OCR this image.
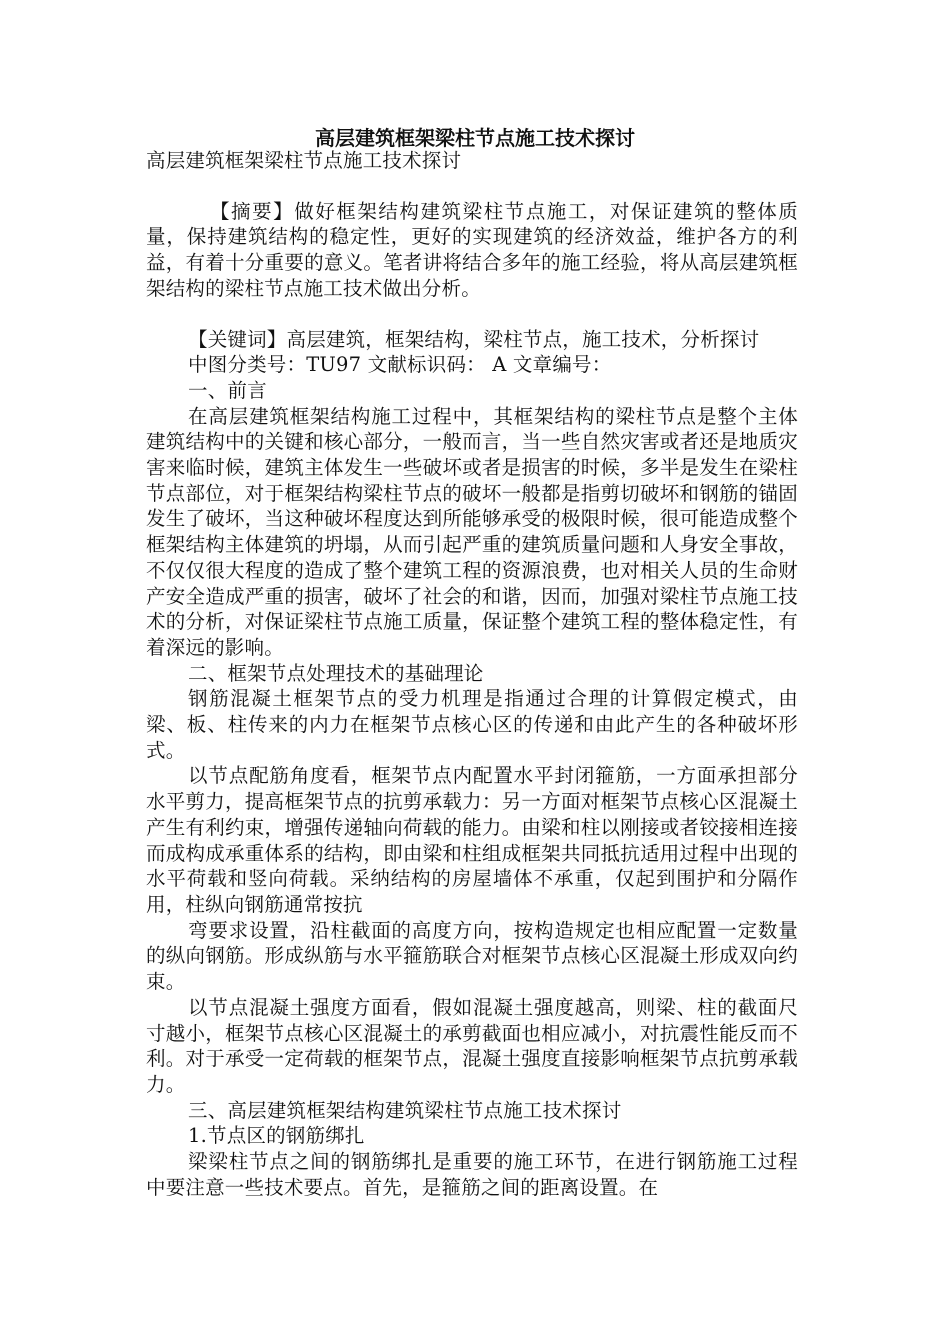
高层建筑框架梁柱节点施工技术探讨

高层建筑框架梁柱节点施工技术探讨

【摘要】做好框架结构建筑梁柱节点施工，对保证建筑的整体质量，保持建筑结构的稳定性，更好的实现建筑的经济效益，维护各方的利益，有着十分重要的意义。笔者讲将结合多年的施工经验，将从高层建筑框架结构的梁柱节点施工技术做出分析。

【关键词】高层建筑，框架结构，梁柱节点，施工技术，分析探讨

中图分类号：TU97 文献标识码： A 文章编号：

一、前言

在高层建筑框架结构施工过程中，其框架结构的梁柱节点是整个主体建筑结构中的关键和核心部分，一般而言，当一些自然灾害或者还是地质灾害来临时候，建筑主体发生一些破坏或者是损害的时候，多半是发生在梁柱节点部位，对于框架结构梁柱节点的破坏一般都是指剪切破坏和钢筋的锚固发生了破坏，当这种破坏程度达到所能够承受的极限时候，很可能造成整个框架结构主体建筑的坍塌，从而引起严重的建筑质量问题和人身安全事故，不仅仅很大程度的造成了整个建筑工程的资源浪费，也对相关人员的生命财产安全造成严重的损害，破坏了社会的和谐，因而，加强对梁柱节点施工技术的分析，对保证梁柱节点施工质量，保证整个建筑工程的整体稳定性，有着深远的影响。

二、框架节点处理技术的基础理论

钢筋混凝土框架节点的受力机理是指通过合理的计算假定模式，由梁、板、柱传来的内力在框架节点核心区的传递和由此产生的各种破坏形式。

以节点配筋角度看，框架节点内配置水平封闭箍筋，一方面承担部分水平剪力，提高框架节点的抗剪承载力：另一方面对框架节点核心区混凝土产生有利约束，增强传递轴向荷载的能力。由梁和柱以刚接或者铰接相连接而成构成承重体系的结构，即由梁和柱组成框架共同抵抗适用过程中出现的水平荷载和竖向荷载。采纳结构的房屋墙体不承重，仅起到围护和分隔作用，柱纵向钢筋通常按抗

弯要求设置，沿柱截面的高度方向，按构造规定也相应配置一定数量的纵向钢筋。形成纵筋与水平箍筋联合对框架节点核心区混凝土形成双向约束。

以节点混凝土强度方面看，假如混凝土强度越高，则梁、柱的截面尺寸越小，框架节点核心区混凝土的承剪截面也相应减小，对抗震性能反而不利。对于承受一定荷载的框架节点，混凝土强度直接影响框架节点抗剪承载力。

三、高层建筑框架结构建筑梁柱节点施工技术探讨

1.节点区的钢筋绑扎

梁梁柱节点之间的钢筋绑扎是重要的施工环节，在进行钢筋施工过程中要注意一些技术要点。首先，是箍筋之间的距离设置。在
